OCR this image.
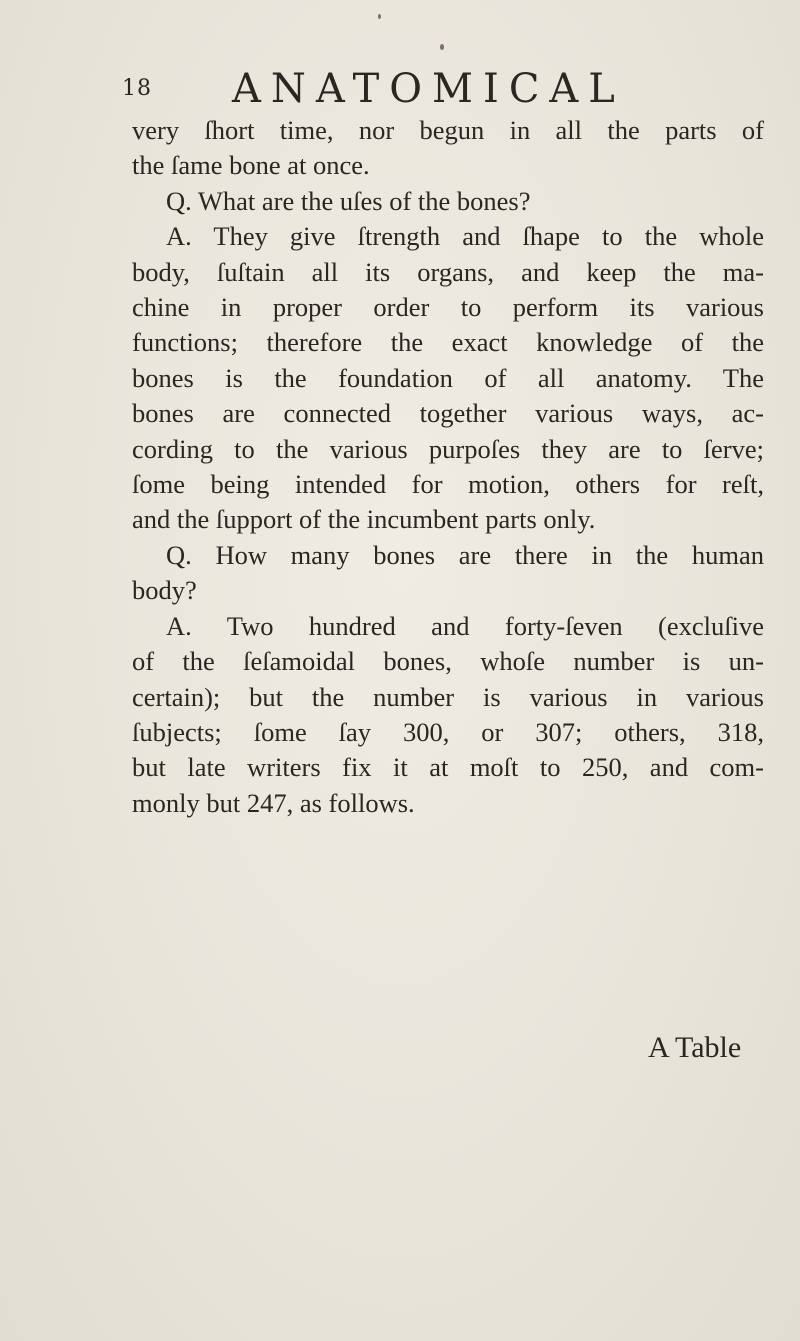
18 ANATOMICAL
very ſhort time, nor begun in all the parts of
the ſame bone at once.
Q. What are the uſes of the bones?
A. They give ſtrength and ſhape to the whole
body, ſuſtain all its organs, and keep the ma-
chine in proper order to perform its various
functions; therefore the exact knowledge of the
bones is the foundation of all anatomy. The
bones are connected together various ways, ac-
cording to the various purpoſes they are to ſerve;
ſome being intended for motion, others for reſt,
and the ſupport of the incumbent parts only.
Q. How many bones are there in the human
body?
A. Two hundred and forty-ſeven (excluſive
of the ſeſamoidal bones, whoſe number is un-
certain); but the number is various in various
ſubjects; ſome ſay 300, or 307; others, 318,
but late writers fix it at moſt to 250, and com-
monly but 247, as follows.
A Table
